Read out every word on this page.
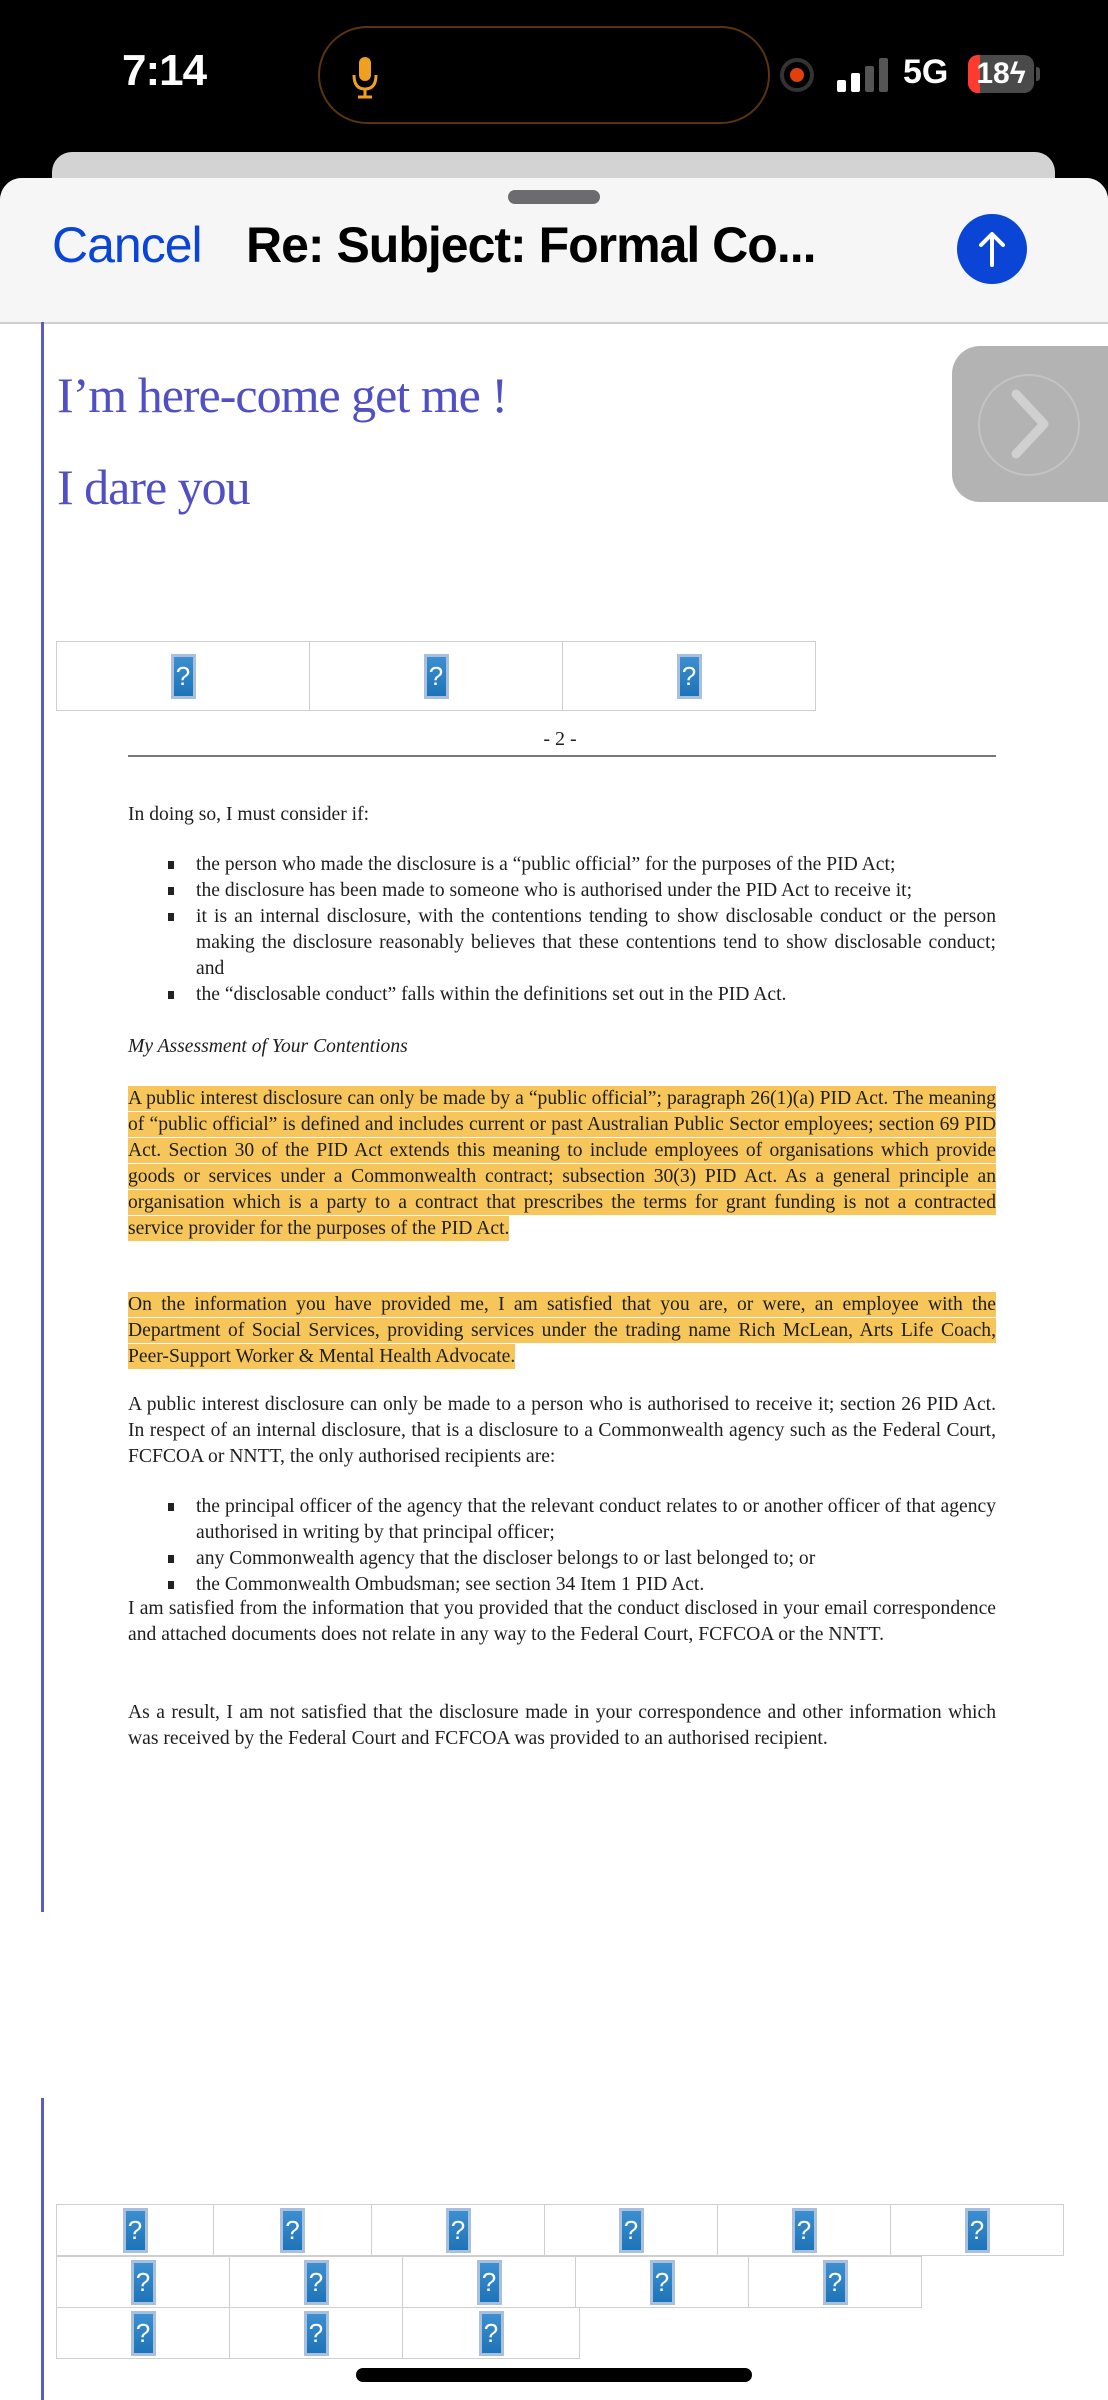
7:14	5G 18ϟ
Cancel Re: Subject: Formal Co...
I’m here-come get me !
I dare you
?	?	?
- 2 -
In doing so, I must consider if:
the person who made the disclosure is a “public official” for the purposes of the PID Act;
the disclosure has been made to someone who is authorised under the PID Act to receive it;
it is an internal disclosure, with the contentions tending to show disclosable conduct or the person making the disclosure reasonably believes that these contentions tend to show disclosable conduct; and
the “disclosable conduct” falls within the definitions set out in the PID Act.
My Assessment of Your Contentions
A public interest disclosure can only be made by a “public official”; paragraph 26(1)(a) PID Act. The meaning of “public official” is defined and includes current or past Australian Public Sector employees; section 69 PID Act. Section 30 of the PID Act extends this meaning to include employees of organisations which provide goods or services under a Commonwealth contract; subsection 30(3) PID Act. As a general principle an organisation which is a party to a contract that prescribes the terms for grant funding is not a contracted service provider for the purposes of the PID Act.
On the information you have provided me, I am satisfied that you are, or were, an employee with the Department of Social Services, providing services under the trading name Rich McLean, Arts Life Coach, Peer-Support Worker & Mental Health Advocate.
A public interest disclosure can only be made to a person who is authorised to receive it; section 26 PID Act. In respect of an internal disclosure, that is a disclosure to a Commonwealth agency such as the Federal Court, FCFCOA or NNTT, the only authorised recipients are:
the principal officer of the agency that the relevant conduct relates to or another officer of that agency authorised in writing by that principal officer;
any Commonwealth agency that the discloser belongs to or last belonged to; or
the Commonwealth Ombudsman; see section 34 Item 1 PID Act.
I am satisfied from the information that you provided that the conduct disclosed in your email correspondence and attached documents does not relate in any way to the Federal Court, FCFCOA or the NNTT.
As a result, I am not satisfied that the disclosure made in your correspondence and other information which was received by the Federal Court and FCFCOA was provided to an authorised recipient.
?	?	?	?	?	?
?	?	?	?	?
?	?	?
